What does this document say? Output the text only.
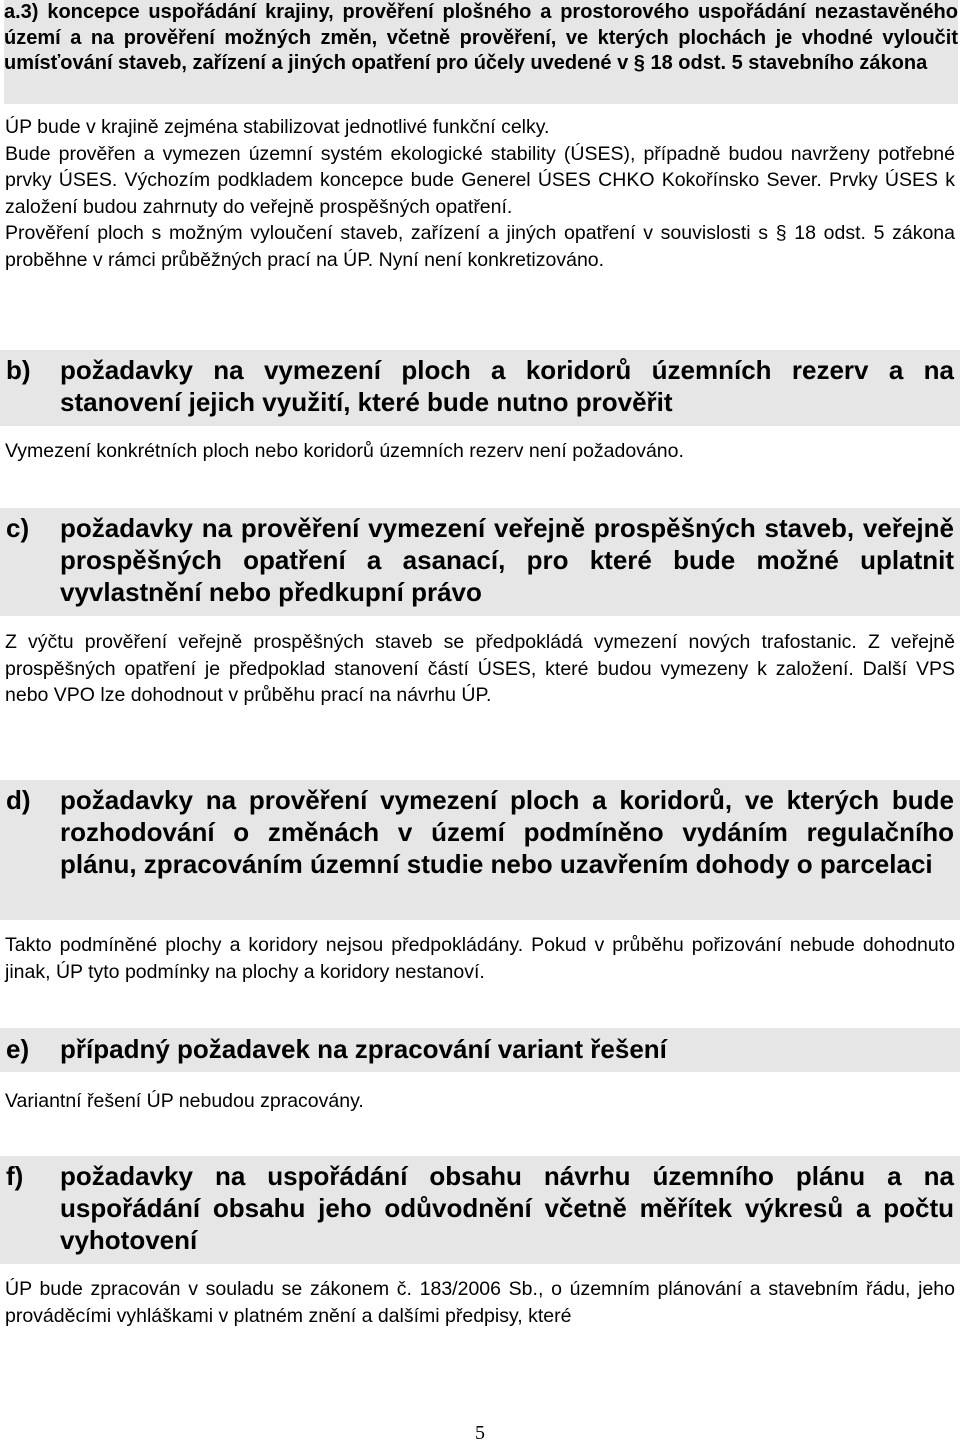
a.3) koncepce uspořádání krajiny, prověření plošného a prostorového uspořádání nezastavěného území a na prověření možných změn, včetně prověření, ve kterých plochách je vhodné vyloučit umísťování staveb, zařízení a jiných opatření pro účely uvedené v § 18 odst. 5 stavebního zákona

ÚP bude v krajině zejména stabilizovat jednotlivé funkční celky.

Bude prověřen a vymezen územní systém ekologické stability (ÚSES), případně budou navrženy potřebné prvky ÚSES. Výchozím podkladem koncepce bude Generel ÚSES CHKO Kokořínsko Sever. Prvky ÚSES k založení budou zahrnuty do veřejně prospěšných opatření.

Prověření ploch s možným vyloučení staveb, zařízení a jiných opatření v souvislosti s § 18 odst. 5 zákona proběhne v rámci průběžných prací na ÚP. Nyní není konkretizováno.

b) požadavky na vymezení ploch a koridorů územních rezerv a na stanovení jejich využití, které bude nutno prověřit

Vymezení konkrétních ploch nebo koridorů územních rezerv není požadováno.

c) požadavky na prověření vymezení veřejně prospěšných staveb, veřejně prospěšných opatření a asanací, pro které bude možné uplatnit vyvlastnění nebo předkupní právo

Z výčtu prověření veřejně prospěšných staveb se předpokládá vymezení nových trafostanic. Z veřejně prospěšných opatření je předpoklad stanovení částí ÚSES, které budou vymezeny k založení. Další VPS nebo VPO lze dohodnout v průběhu prací na návrhu ÚP.

d) požadavky na prověření vymezení ploch a koridorů, ve kterých bude rozhodování o změnách v území podmíněno vydáním regulačního plánu, zpracováním územní studie nebo uzavřením dohody o parcelaci

Takto podmíněné plochy a koridory nejsou předpokládány. Pokud v průběhu pořizování nebude dohodnuto jinak, ÚP tyto podmínky na plochy a koridory nestanoví.

e) případný požadavek na zpracování variant řešení

Variantní řešení ÚP nebudou zpracovány.

f) požadavky na uspořádání obsahu návrhu územního plánu a na uspořádání obsahu jeho odůvodnění včetně měřítek výkresů a počtu vyhotovení

ÚP bude zpracován v souladu se zákonem č. 183/2006 Sb., o územním plánování a stavebním řádu, jeho prováděcími vyhláškami v platném znění a dalšími předpisy, které

5
